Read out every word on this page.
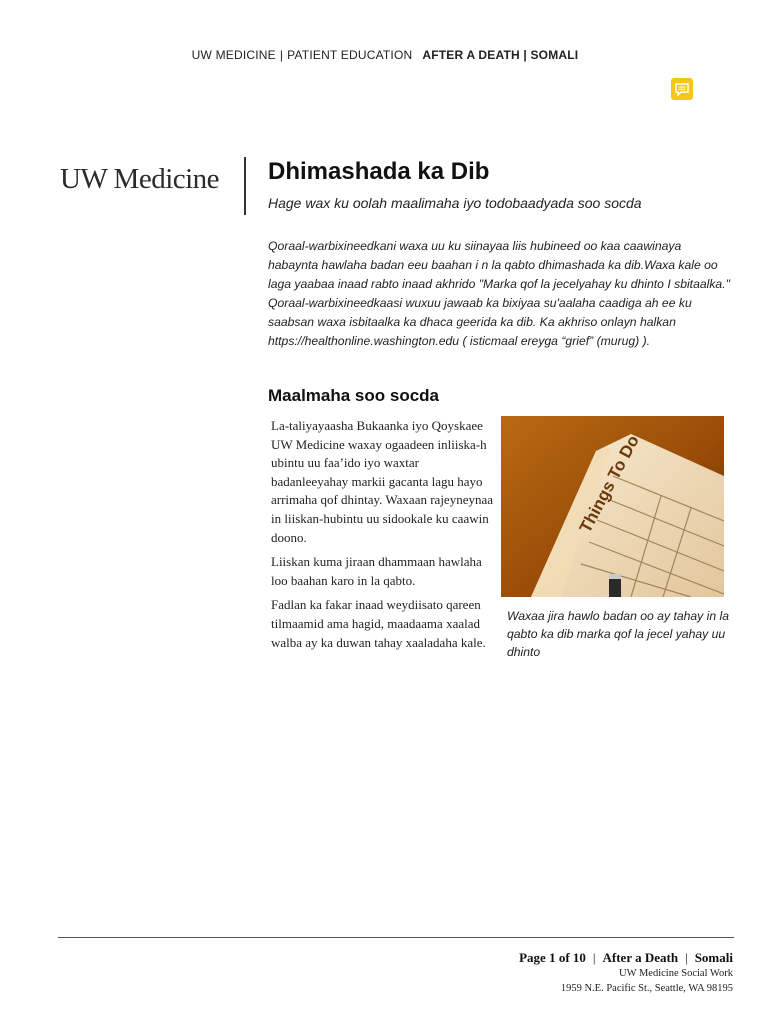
UW MEDICINE | PATIENT EDUCATION AFTER A DEATH | SOMALI
UW Medicine Dhimashada ka Dib

Hage wax ku oolah maalimaha iyo todobaadyada soo socda

Qoraal-warbixineedkani waxa uu ku siinayaa liis hubineed oo kaa caawinaya habaynta hawlaha badan eeu baahan i n la qabto dhimashada ka dib.Waxa kale oo laga yaabaa inaad rabto inaad akhrido "Marka qof la jecelyahay ku dhinto I sbitaalka." Qoraal-warbixineedkaasi wuxuu jawaab ka bixiyaa su'aalaha caadiga ah ee ku saabsan waxa isbitaalka ka dhaca geerida ka dib. Ka akhriso onlayn halkan https://healthonline.washington.edu ( isticmaal ereyga “grief” (murug) ).

Maalmaha soo socda

La-taliyayaasha Bukaanka iyo Qoyskaee UW Medicine waxay ogaadeen inliiska-h ubintu uu faa’ido iyo waxtar badanleeyahay markii gacanta lagu hayo arrimaha qof dhintay. Waxaan rajeyneynaa in liiskan-hubintu uu sidookale ku caawin doono.

Liiskan kuma jiraan dhammaan hawlaha loo baahan karo in la qabto.

Fadlan ka fakar inaad weydiisato qareen tilmaamid ama hagid, maadaama xaalad walba ay ka duwan tahay xaaladaha kale.

Things To Do

Waxaa jira hawlo badan oo ay tahay in la qabto ka dib marka qof la jecel yahay uu dhinto

Page 1 of 10 | After a Death | Somali
UW Medicine Social Work
1959 N.E. Pacific St., Seattle, WA 98195
